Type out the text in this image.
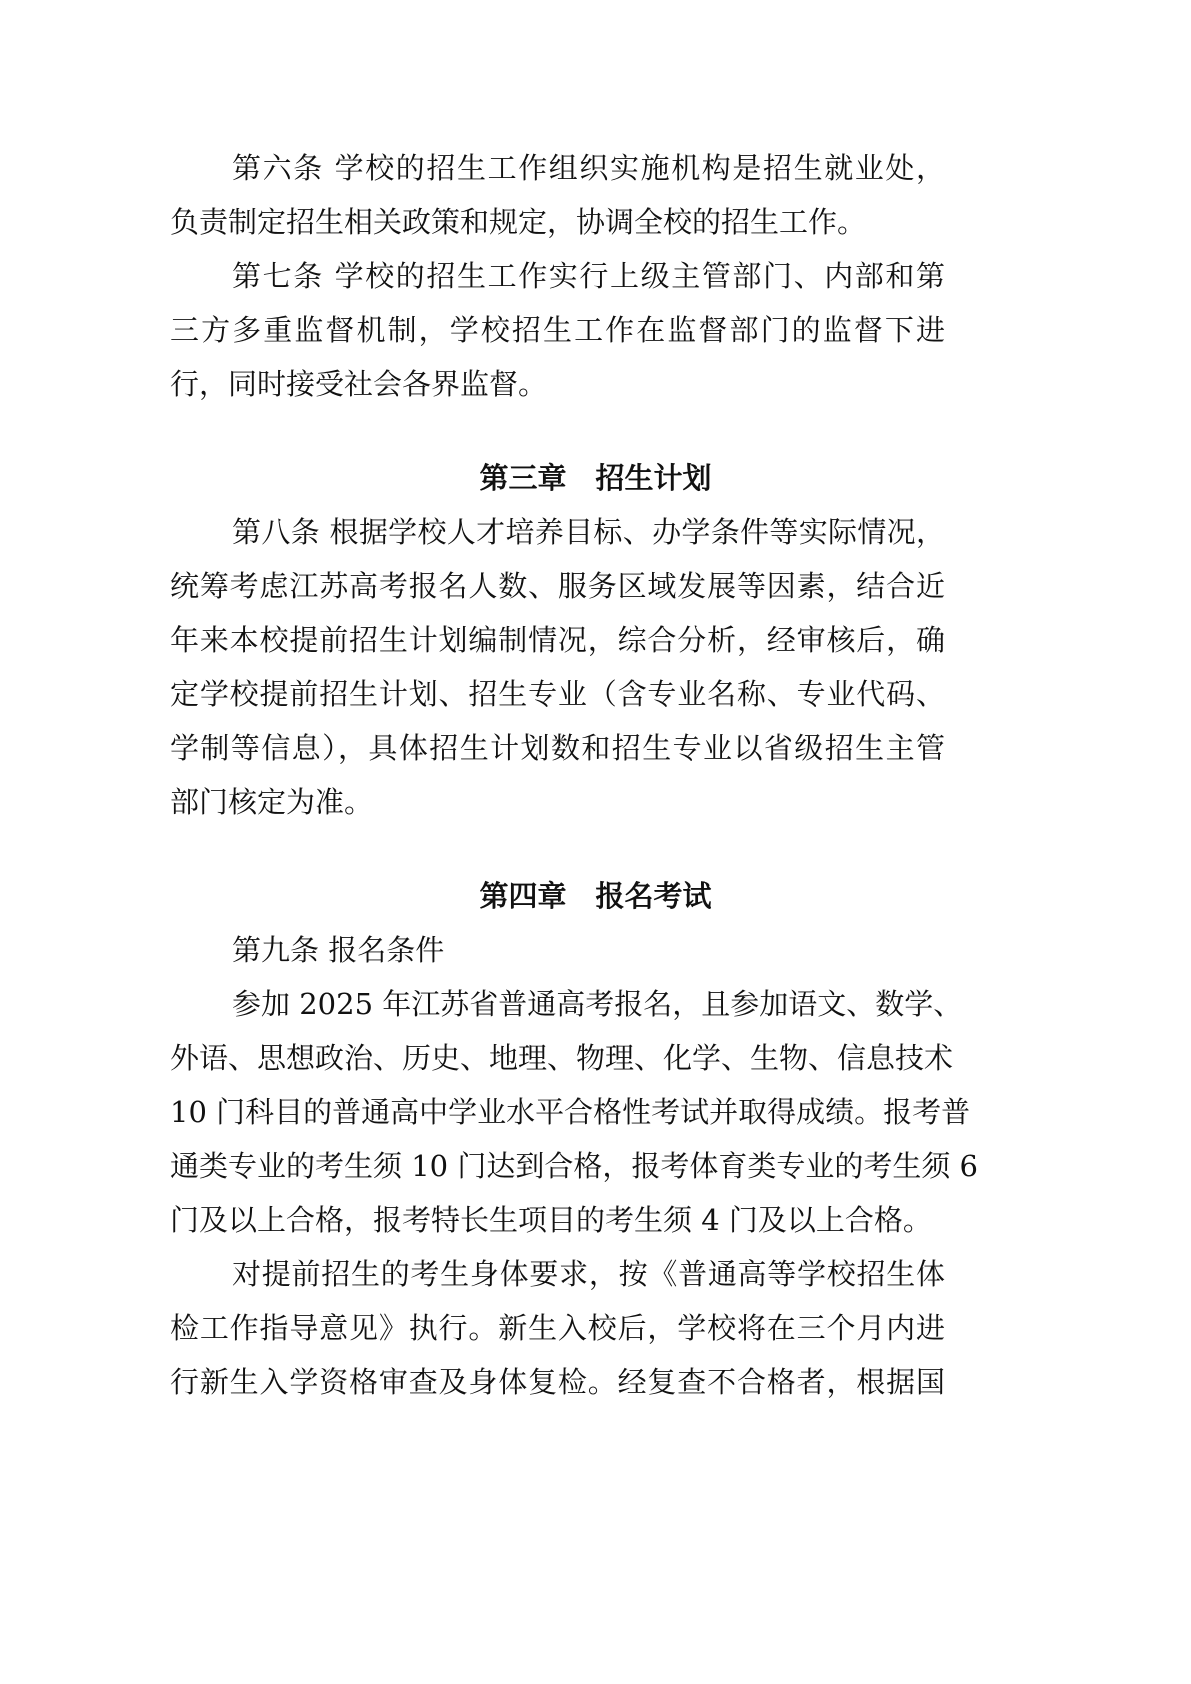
第六条 学校的招生工作组织实施机构是招生就业处，
负责制定招生相关政策和规定，协调全校的招生工作。
第七条 学校的招生工作实行上级主管部门、内部和第
三方多重监督机制，学校招生工作在监督部门的监督下进
行，同时接受社会各界监督。
第三章　招生计划
第八条 根据学校人才培养目标、办学条件等实际情况，
统筹考虑江苏高考报名人数、服务区域发展等因素，结合近
年来本校提前招生计划编制情况，综合分析，经审核后，确
定学校提前招生计划、招生专业（含专业名称、专业代码、
学制等信息），具体招生计划数和招生专业以省级招生主管
部门核定为准。
第四章　报名考试
第九条 报名条件
参加 2025 年江苏省普通高考报名，且参加语文、数学、
外语、思想政治、历史、地理、物理、化学、生物、信息技术
10 门科目的普通高中学业水平合格性考试并取得成绩。报考普
通类专业的考生须 10 门达到合格，报考体育类专业的考生须 6
门及以上合格，报考特长生项目的考生须 4 门及以上合格。
对提前招生的考生身体要求，按《普通高等学校招生体
检工作指导意见》执行。新生入校后，学校将在三个月内进
行新生入学资格审查及身体复检。经复查不合格者，根据国
